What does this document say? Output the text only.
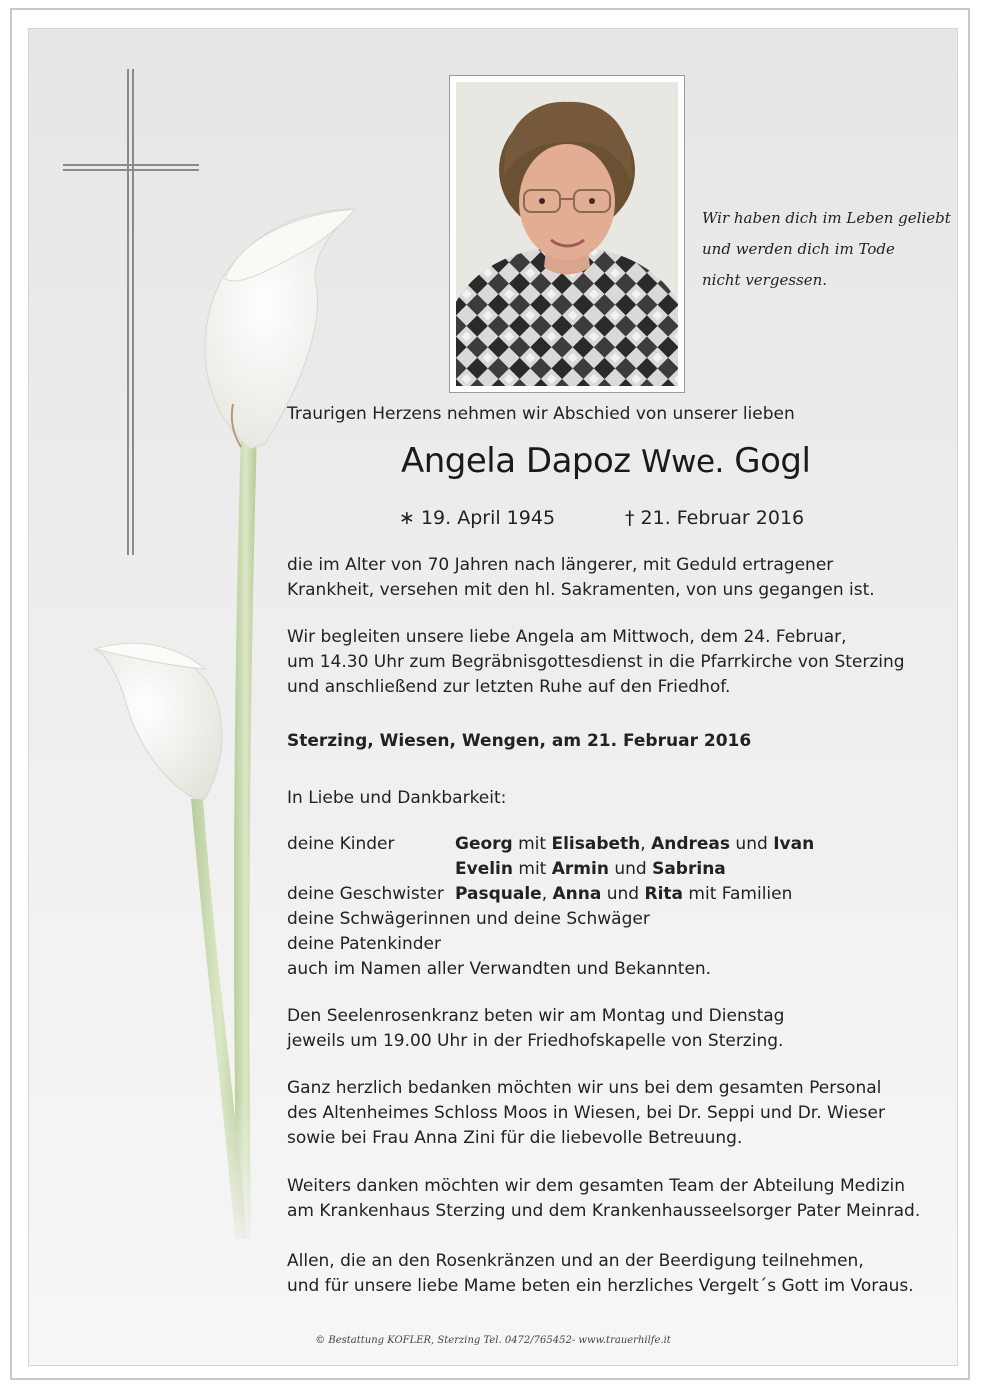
Wir haben dich im Leben geliebt
und werden dich im Tode
nicht vergessen.
Traurigen Herzens nehmen wir Abschied von unserer lieben
Angela Dapoz Wwe. Gogl
∗ 19. April 1945	† 21. Februar 2016
die im Alter von 70 Jahren nach längerer, mit Geduld ertragener
Krankheit, versehen mit den hl. Sakramenten, von uns gegangen ist.
Wir begleiten unsere liebe Angela am Mittwoch, dem 24. Februar,
um 14.30 Uhr zum Begräbnisgottesdienst in die Pfarrkirche von Sterzing
und anschließend zur letzten Ruhe auf den Friedhof.
Sterzing, Wiesen, Wengen, am 21. Februar 2016
In Liebe und Dankbarkeit:
deine Kinder	Georg mit Elisabeth, Andreas und Ivan
Evelin mit Armin und Sabrina
deine Geschwister Pasquale, Anna und Rita mit Familien
deine Schwägerinnen und deine Schwäger
deine Patenkinder
auch im Namen aller Verwandten und Bekannten.
Den Seelenrosenkranz beten wir am Montag und Dienstag
jeweils um 19.00 Uhr in der Friedhofskapelle von Sterzing.
Ganz herzlich bedanken möchten wir uns bei dem gesamten Personal
des Altenheimes Schloss Moos in Wiesen, bei Dr. Seppi und Dr. Wieser
sowie bei Frau Anna Zini für die liebevolle Betreuung.
Weiters danken möchten wir dem gesamten Team der Abteilung Medizin
am Krankenhaus Sterzing und dem Krankenhausseelsorger Pater Meinrad.
Allen, die an den Rosenkränzen und an der Beerdigung teilnehmen,
und für unsere liebe Mame beten ein herzliches Vergelt´s Gott im Voraus.
© Bestattung KOFLER, Sterzing Tel. 0472/765452- www.trauerhilfe.it
